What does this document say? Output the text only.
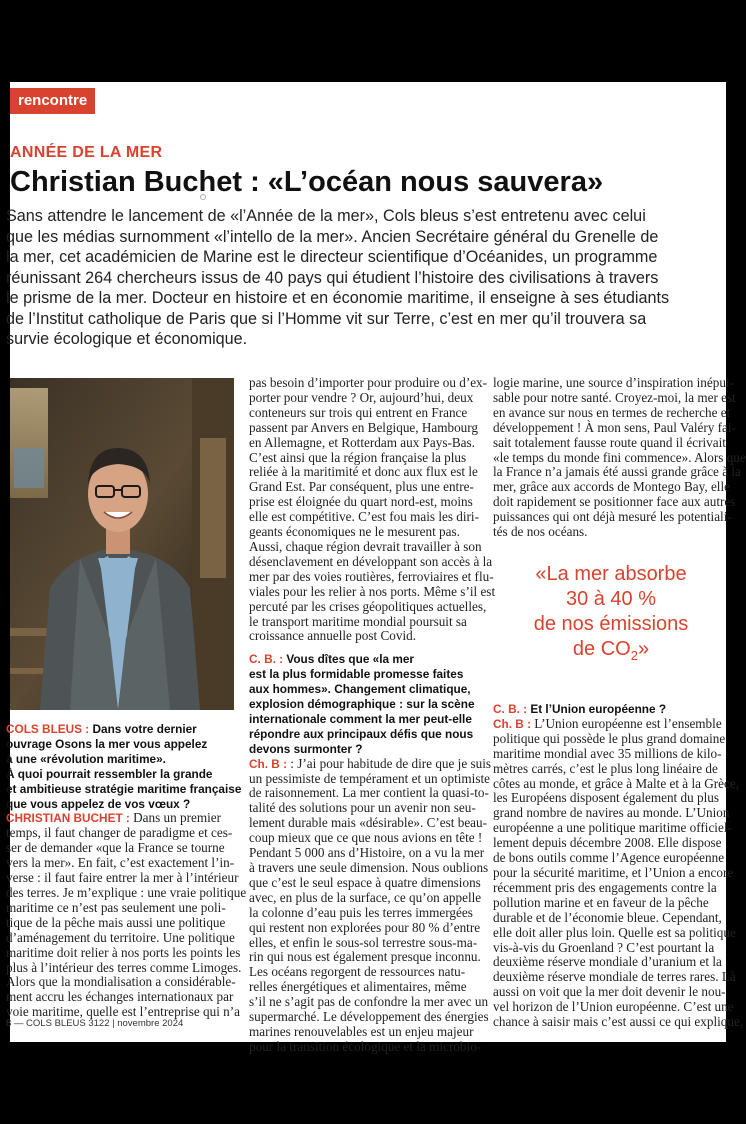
rencontre
ANNÉE DE LA MER
Christian Buchet : «L’océan nous sauvera»

Sans attendre le lancement de «l’Année de la mer», Cols bleus s’est entretenu avec celui

que les médias surnomment «l’intello de la mer». Ancien Secrétaire général du Grenelle de

la mer, cet académicien de Marine est le directeur scientifique d’Océanides, un programme

réunissant 264 chercheurs issus de 40 pays qui étudient l’histoire des civilisations à travers

le prisme de la mer. Docteur en histoire et en économie maritime, il enseigne à ses étudiants

de l’Institut catholique de Paris que si l’Homme vit sur Terre, c’est en mer qu’il trouvera sa

survie écologique et économique.

COLS BLEUS : Dans votre dernier

ouvrage Osons la mer vous appelez

à une «révolution maritime».

À quoi pourrait ressembler la grande

et ambitieuse stratégie maritime française

que vous appelez de vos vœux ?

CHRISTIAN BUCHET : Dans un premier

temps, il faut changer de paradigme et ces-

ser de demander «que la France se tourne

vers la mer». En fait, c’est exactement l’in-

verse : il faut faire entrer la mer à l’intérieur

des terres. Je m’explique : une vraie politique

maritime ce n’est pas seulement une poli-

tique de la pêche mais aussi une politique

d’aménagement du territoire. Une politique

maritime doit relier à nos ports les points les

plus à l’intérieur des terres comme Limoges.

Alors que la mondialisation a considérable-

ment accru les échanges internationaux par

voie maritime, quelle est l’entreprise qui n’a

pas besoin d’importer pour produire ou d’ex-

porter pour vendre ? Or, aujourd’hui, deux

conteneurs sur trois qui entrent en France

passent par Anvers en Belgique, Hambourg

en Allemagne, et Rotterdam aux Pays-Bas.

C’est ainsi que la région française la plus

reliée à la maritimité et donc aux flux est le

Grand Est. Par conséquent, plus une entre-

prise est éloignée du quart nord-est, moins

elle est compétitive. C’est fou mais les diri-

geants économiques ne le mesurent pas.

Aussi, chaque région devrait travailler à son

désenclavement en développant son accès à la

mer par des voies routières, ferroviaires et flu-

viales pour les relier à nos ports. Même s’il est

percuté par les crises géopolitiques actuelles,

le transport maritime mondial poursuit sa

croissance annuelle post Covid.

C. B. : Vous dîtes que «la mer

est la plus formidable promesse faites

aux hommes». Changement climatique,

explosion démographique : sur la scène

internationale comment la mer peut-elle

répondre aux principaux défis que nous

devons surmonter ?

Ch. B : : J’ai pour habitude de dire que je suis

un pessimiste de tempérament et un optimiste

de raisonnement. La mer contient la quasi-to-

talité des solutions pour un avenir non seu-

lement durable mais «désirable». C’est beau-

coup mieux que ce que nous avions en tête !

Pendant 5 000 ans d’Histoire, on a vu la mer

à travers une seule dimension. Nous oublions

que c’est le seul espace à quatre dimensions

avec, en plus de la surface, ce qu’on appelle

la colonne d’eau puis les terres immergées

qui restent non explorées pour 80 % d’entre

elles, et enfin le sous-sol terrestre sous-ma-

rin qui nous est également presque inconnu.

Les océans regorgent de ressources natu-

relles énergétiques et alimentaires, même

s’il ne s’agit pas de confondre la mer avec un

supermarché. Le développement des énergies

marines renouvelables est un enjeu majeur

pour la transition écologique et la microbio-

logie marine, une source d’inspiration inépui-

sable pour notre santé. Croyez-moi, la mer est

en avance sur nous en termes de recherche et

développement ! À mon sens, Paul Valéry fai-

sait totalement fausse route quand il écrivait

«le temps du monde fini commence». Alors que

la France n’a jamais été aussi grande grâce à la

mer, grâce aux accords de Montego Bay, elle

doit rapidement se positionner face aux autres

puissances qui ont déjà mesuré les potentiali-

tés de nos océans.

«La mer absorbe

30 à 40 %

de nos émissions

de $CO_2$»

C. B. : Et l’Union européenne ?

Ch. B : L’Union européenne est l’ensemble

politique qui possède le plus grand domaine

maritime mondial avec 35 millions de kilo-

mètres carrés, c’est le plus long linéaire de

côtes au monde, et grâce à Malte et à la Grèce,

les Européens disposent également du plus

grand nombre de navires au monde. L’Union

européenne a une politique maritime officiel-

lement depuis décembre 2008. Elle dispose

de bons outils comme l’Agence européenne

pour la sécurité maritime, et l’Union a encore

récemment pris des engagements contre la

pollution marine et en faveur de la pêche

durable et de l’économie bleue. Cependant,

elle doit aller plus loin. Quelle est sa politique

vis-à-vis du Groenland ? C’est pourtant la

deuxième réserve mondiale d’uranium et la

deuxième réserve mondiale de terres rares. Là

aussi on voit que la mer doit devenir le nou-

vel horizon de l’Union européenne. C’est une

chance à saisir mais c’est aussi ce qui explique,

8 — COLS BLEUS 3122 | novembre 2024
